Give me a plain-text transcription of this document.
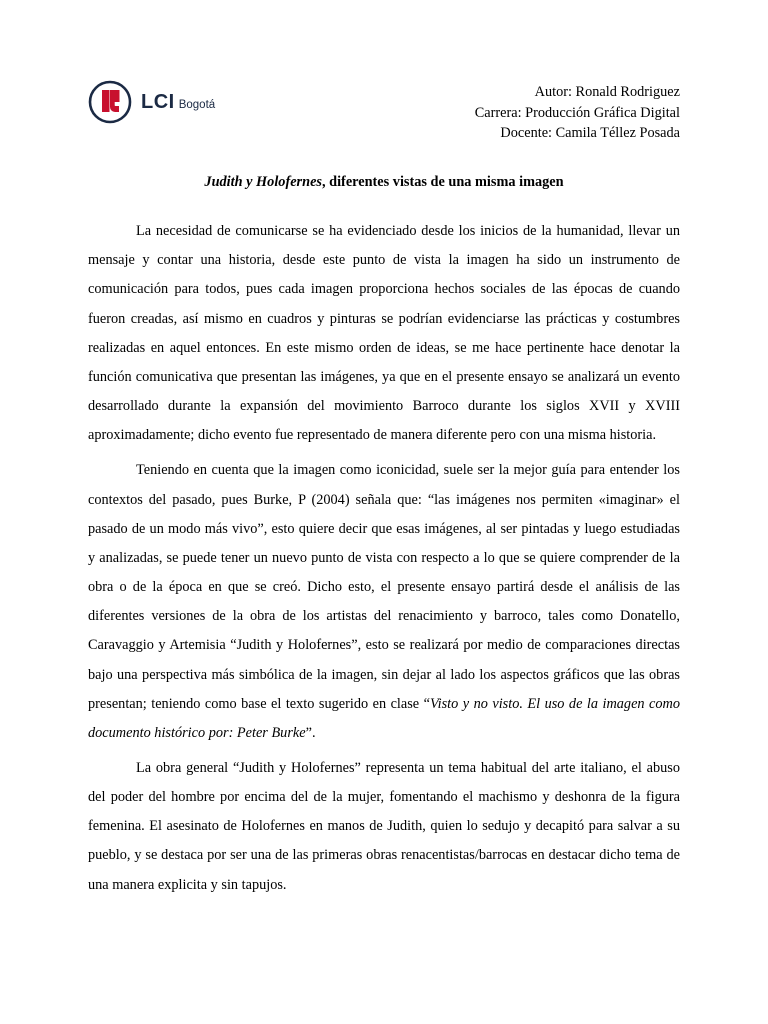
LCI Bogotá
Autor: Ronald Rodriguez
Carrera: Producción Gráfica Digital
Docente: Camila Téllez Posada
Judith y Holofernes, diferentes vistas de una misma imagen

La necesidad de comunicarse se ha evidenciado desde los inicios de la humanidad, llevar un mensaje y contar una historia, desde este punto de vista la imagen ha sido un instrumento de comunicación para todos, pues cada imagen proporciona hechos sociales de las épocas de cuando fueron creadas, así mismo en cuadros y pinturas se podrían evidenciarse las prácticas y costumbres realizadas en aquel entonces. En este mismo orden de ideas, se me hace pertinente hace denotar la función comunicativa que presentan las imágenes, ya que en el presente ensayo se analizará un evento desarrollado durante la expansión del movimiento Barroco durante los siglos XVII y XVIII aproximadamente; dicho evento fue representado de manera diferente pero con una misma historia.

Teniendo en cuenta que la imagen como iconicidad, suele ser la mejor guía para entender los contextos del pasado, pues Burke, P (2004) señala que: “las imágenes nos permiten «imaginar» el pasado de un modo más vivo”, esto quiere decir que esas imágenes, al ser pintadas y luego estudiadas y analizadas, se puede tener un nuevo punto de vista con respecto a lo que se quiere comprender de la obra o de la época en que se creó. Dicho esto, el presente ensayo partirá desde el análisis de las diferentes versiones de la obra de los artistas del renacimiento y barroco, tales como Donatello, Caravaggio y Artemisia “Judith y Holofernes”, esto se realizará por medio de comparaciones directas bajo una perspectiva más simbólica de la imagen, sin dejar al lado los aspectos gráficos que las obras presentan; teniendo como base el texto sugerido en clase “Visto y no visto. El uso de la imagen como documento histórico por: Peter Burke”.

La obra general “Judith y Holofernes” representa un tema habitual del arte italiano, el abuso del poder del hombre por encima del de la mujer, fomentando el machismo y deshonra de la figura femenina. El asesinato de Holofernes en manos de Judith, quien lo sedujo y decapitó para salvar a su pueblo, y se destaca por ser una de las primeras obras renacentistas/barrocas en destacar dicho tema de una manera explicita y sin tapujos.
